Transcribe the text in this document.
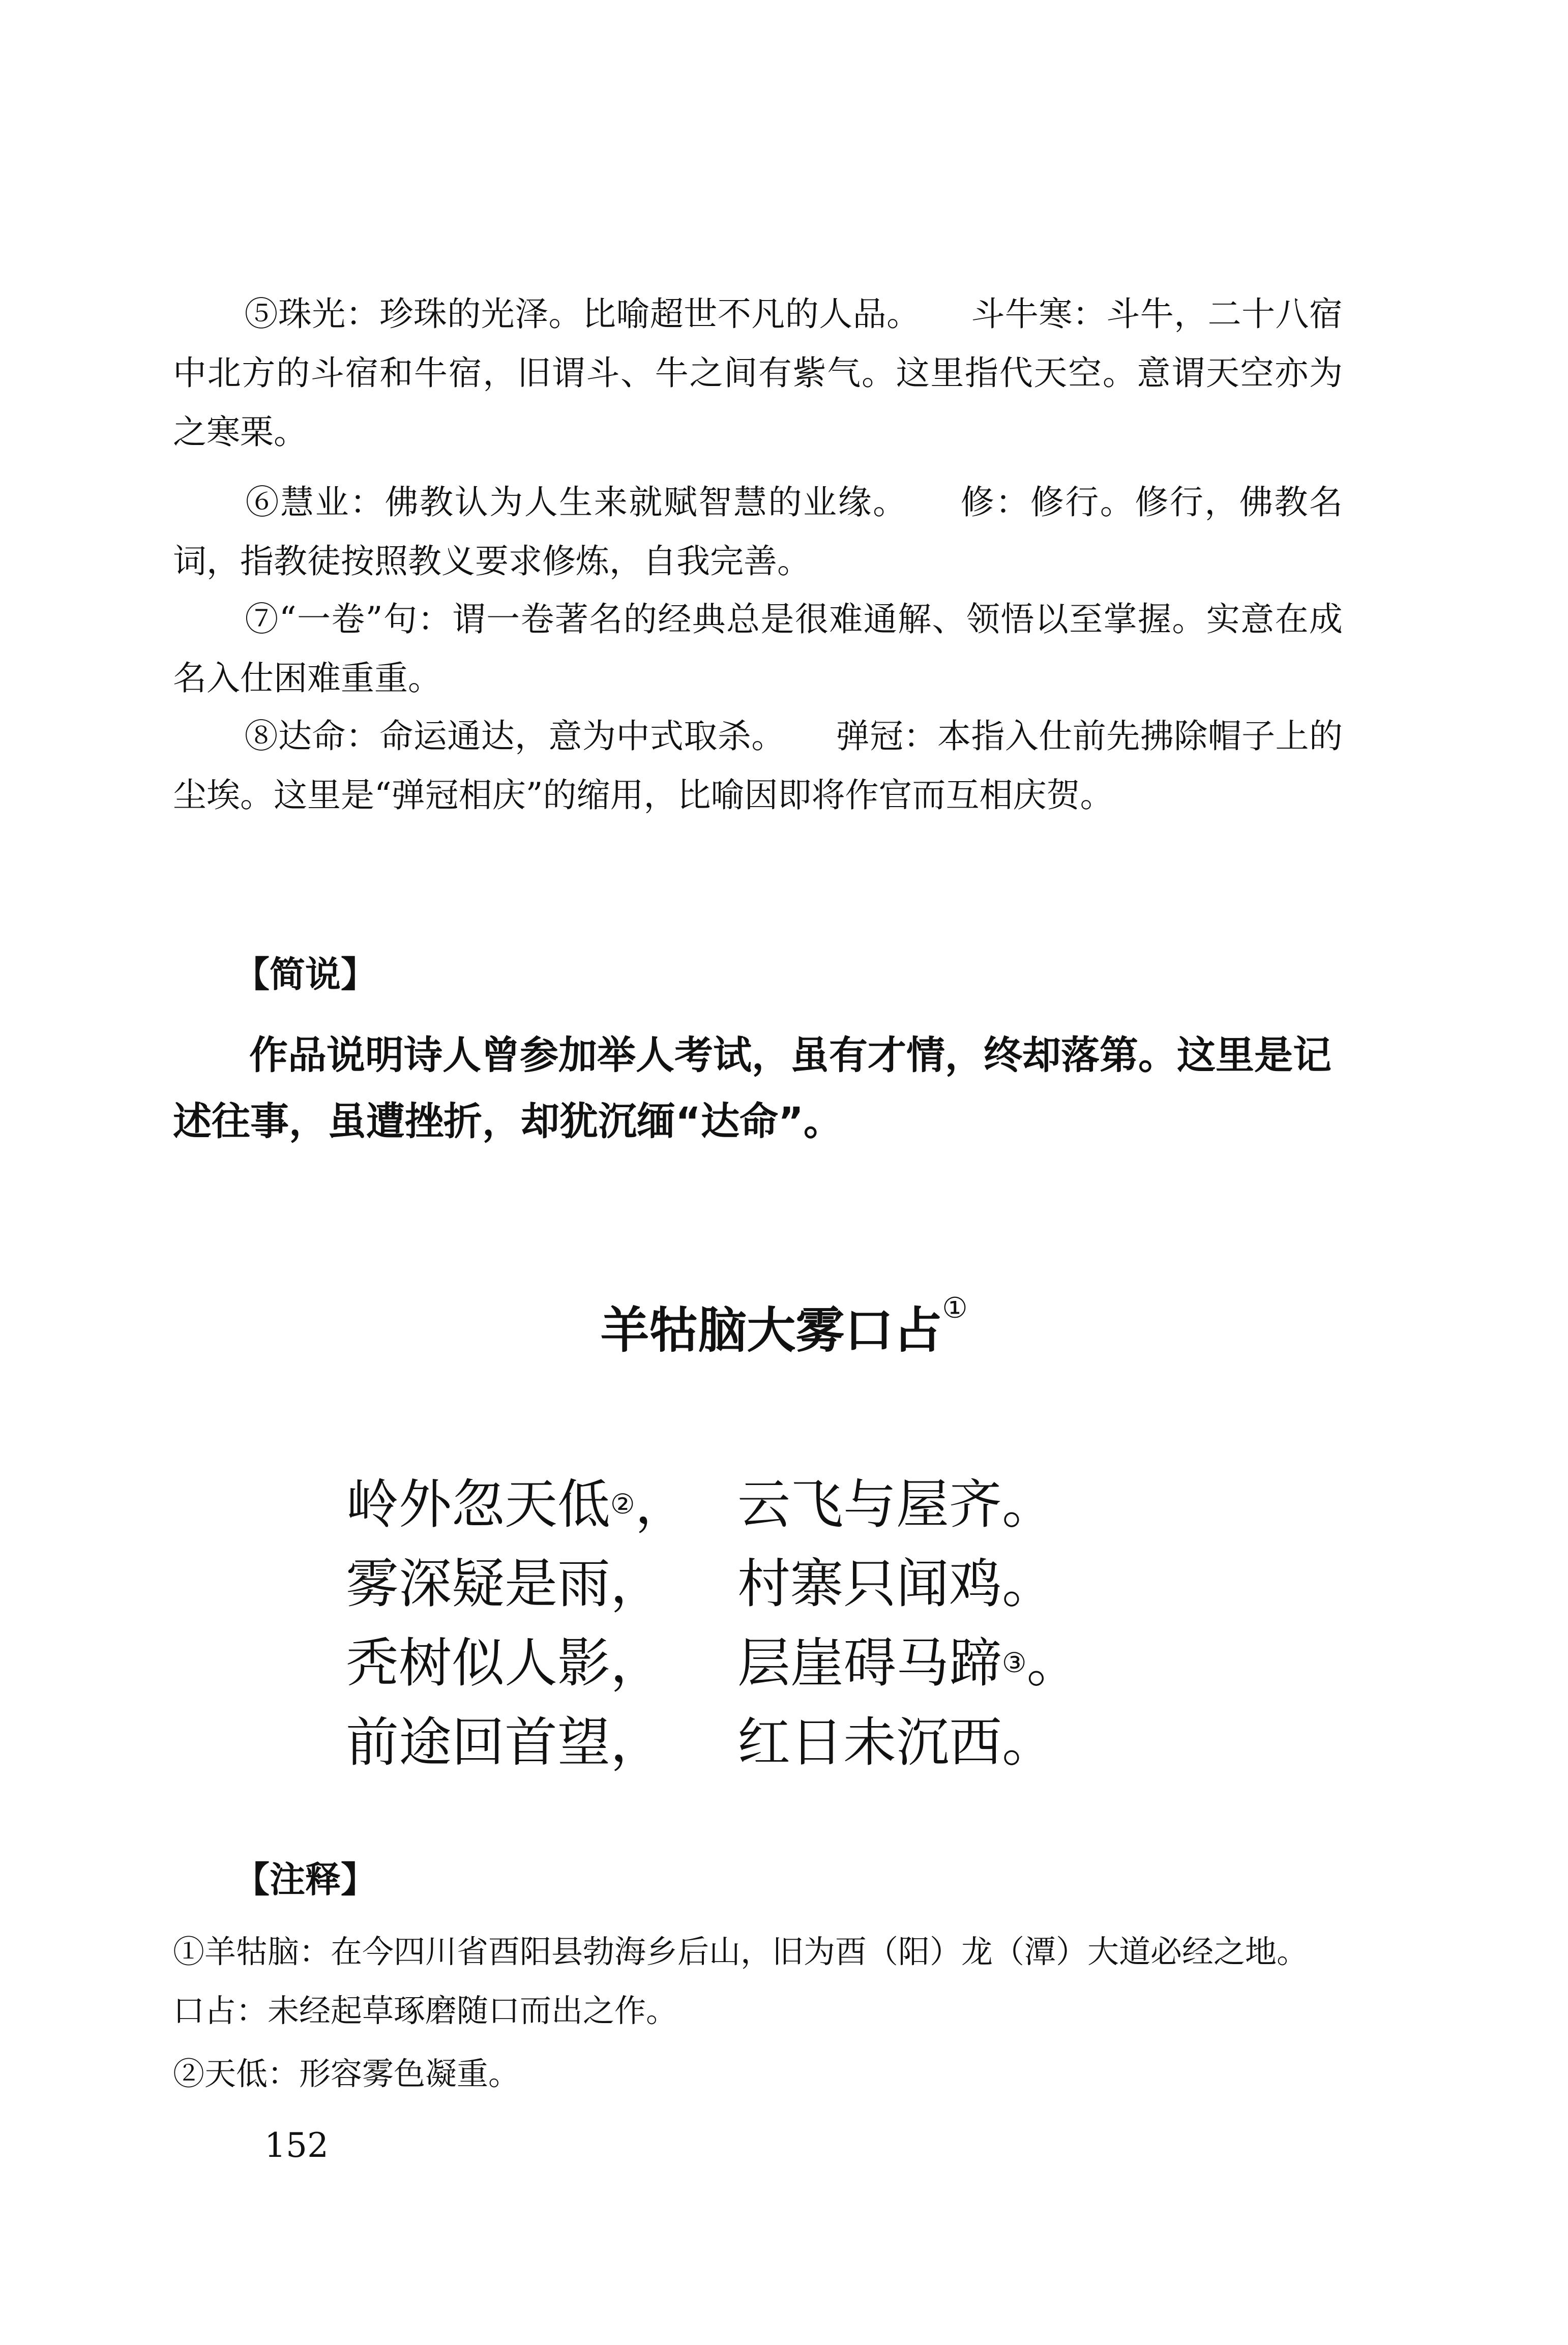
⑤珠光：珍珠的光泽。比喻超世不凡的人品。　　斗牛寒：斗牛，二十八宿中北方的斗宿和牛宿，旧谓斗、牛之间有紫气。这里指代天空。意谓天空亦为之寒栗。

⑥慧业：佛教认为人生来就赋智慧的业缘。　　修：修行。修行，佛教名词，指教徒按照教义要求修炼，自我完善。

⑦“一卷”句：谓一卷著名的经典总是很难通解、领悟以至掌握。实意在成名入仕困难重重。

⑧达命：命运通达，意为中式取杀。　　弹冠：本指入仕前先拂除帽子上的尘埃。这里是“弹冠相庆”的缩用，比喻因即将作官而互相庆贺。

【简说】

作品说明诗人曾参加举人考试，虽有才情，终却落第。这里是记述往事，虽遭挫折，却犹沉缅“达命”。

羊牯脑大雾口占①
岭外忽天低②， 云飞与屋齐。
雾深疑是雨， 村寨只闻鸡。
秃树似人影， 层崖碍马蹄③。
前途回首望， 红日未沉西。

【注释】

①羊牯脑：在今四川省酉阳县勃海乡后山，旧为酉（阳）龙（潭）大道必经之地。　　口占：未经起草琢磨随口而出之作。

②天低：形容雾色凝重。

152
